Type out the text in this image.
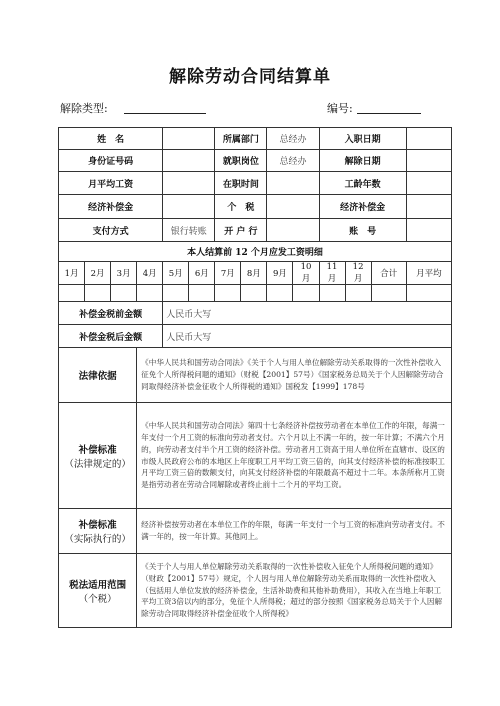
解除劳动合同结算单
解除类型:	编号:
姓　名						所属部门		总经办		入职日期			
身份证号码						就职岗位		总经办		解除日期			
月平均工资						在职时间				工龄年数			
经济补偿金						个　税				经济补偿金			
支付方式				银行转账		开 户 行				账　号			
本人结算前 12 个月应发工资明细													
1月	2月	3月	4月	5月	6月	7月	8月	9月	10月	11月	12月	合计	月平均

补偿金税前金额				人民币大写									
补偿金税后金额				人民币大写									
法律依据			《中华人民共和国劳动合同法》《关于个人与用人单位解除劳动关系取得的一次性补偿收入征免个人所得税问题的通知》（财税【2001】57号）《国家税务总局关于个人因解除劳动合同取得经济补偿金征收个人所得税的通知》国税发【1999】178号										

补偿标准
（法律规定的）			《中华人民共和国劳动合同法》第四十七条经济补偿按劳动者在本单位工作的年限，每满一年支付一个月工资的标准向劳动者支付。六个月以上不满一年的，按一年计算；不满六个月的，向劳动者支付半个月工资的经济补偿。劳动者月工资高于用人单位所在直辖市、设区的市级人民政府公布的本地区上年度职工月平均工资三倍的，向其支付经济补偿的标准按职工月平均工资三倍的数额支付，向其支付经济补偿的年限最高不超过十二年。本条所称月工资是指劳动者在劳动合同解除或者终止前十二个月的平均工资。										

补偿标准
（实际执行的）			经济补偿按劳动者在本单位工作的年限，每满一年支付一个与工资的标准向劳动者支付。不满一年的，按一年计算。其他同上。										

税法适用范围
（个税）			《关于个人与用人单位解除劳动关系取得的一次性补偿收入征免个人所得税问题的通知》（财政【2001】57号）规定，个人因与用人单位解除劳动关系而取得的一次性补偿收入（包括用人单位发放的经济补偿金，生活补助费和其他补助费用），其收入在当地上年职工平均工资3倍以内的部分，免征个人所得税；超过的部分按照《国家税务总局关于个人因解除劳动合同取得经济补偿金征收个人所得税》										
